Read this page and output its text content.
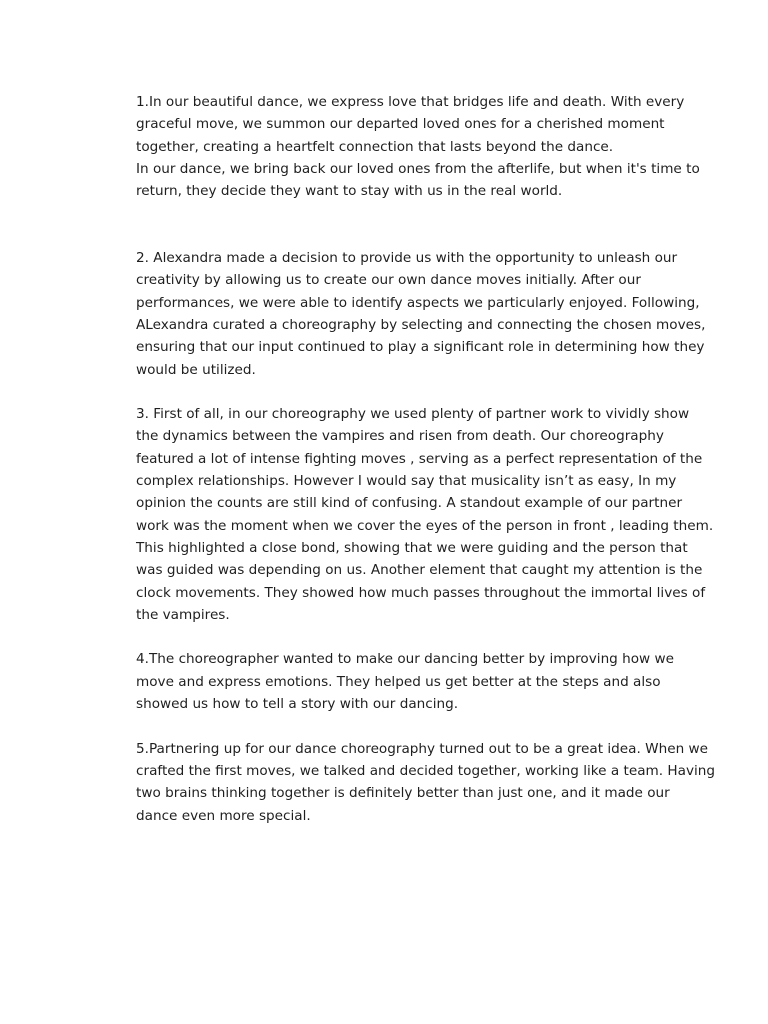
1.In our beautiful dance, we express love that bridges life and death. With every
graceful move, we summon our departed loved ones for a cherished moment
together, creating a heartfelt connection that lasts beyond the dance.
In our dance, we bring back our loved ones from the afterlife, but when it's time to
return, they decide they want to stay with us in the real world.

2. Alexandra made a decision to provide us with the opportunity to unleash our
creativity by allowing us to create our own dance moves initially. After our
performances, we were able to identify aspects we particularly enjoyed. Following,
ALexandra curated a choreography by selecting and connecting the chosen moves,
ensuring that our input continued to play a significant role in determining how they
would be utilized.

3. First of all, in our choreography we used plenty of partner work to vividly show
the dynamics between the vampires and risen from death. Our choreography
featured a lot of intense fighting moves , serving as a perfect representation of the
complex relationships. However I would say that musicality isn’t as easy, In my
opinion the counts are still kind of confusing. A standout example of our partner
work was the moment when we cover the eyes of the person in front , leading them.
This highlighted a close bond, showing that we were guiding and the person that
was guided was depending on us. Another element that caught my attention is the
clock movements. They showed how much passes throughout the immortal lives of
the vampires.

4.The choreographer wanted to make our dancing better by improving how we
move and express emotions. They helped us get better at the steps and also
showed us how to tell a story with our dancing.

5.Partnering up for our dance choreography turned out to be a great idea. When we
crafted the first moves, we talked and decided together, working like a team. Having
two brains thinking together is definitely better than just one, and it made our
dance even more special.
